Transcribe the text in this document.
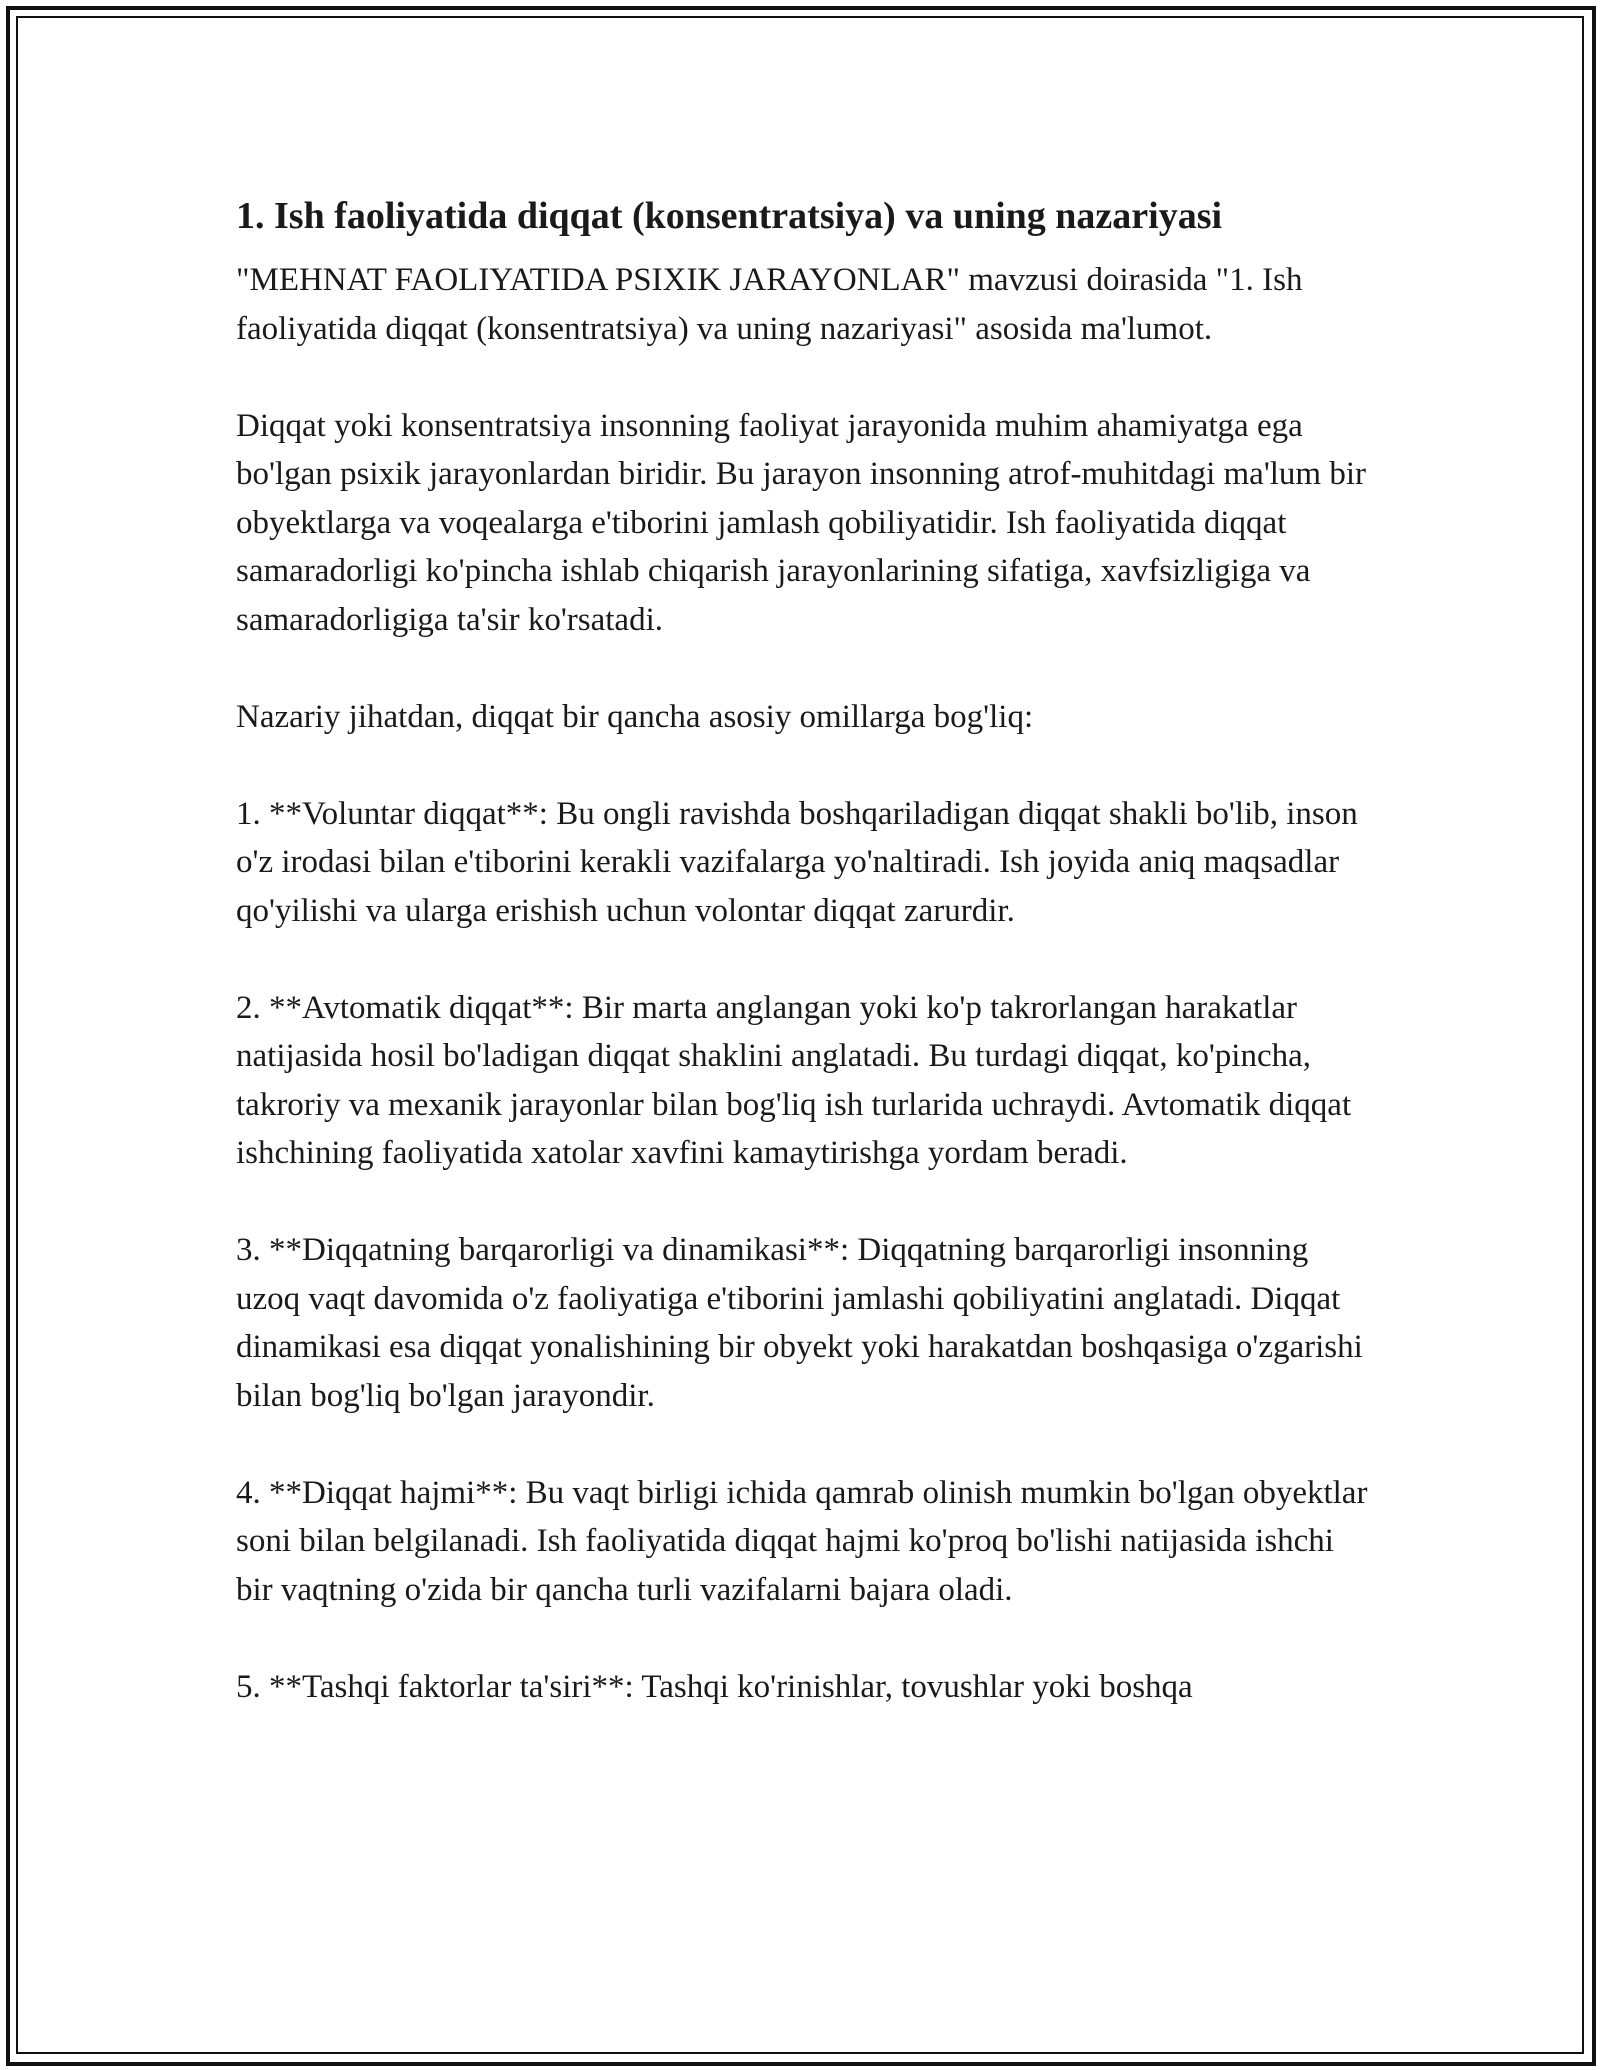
1. Ish faoliyatida diqqat (konsentratsiya) va uning nazariyasi

"MEHNAT FAOLIYATIDA PSIXIK JARAYONLAR" mavzusi doirasida "1. Ish faoliyatida diqqat (konsentratsiya) va uning nazariyasi" asosida ma'lumot.

Diqqat yoki konsentratsiya insonning faoliyat jarayonida muhim ahamiyatga ega bo'lgan psixik jarayonlardan biridir. Bu jarayon insonning atrof-muhitdagi ma'lum bir obyektlarga va voqealarga e'tiborini jamlash qobiliyatidir. Ish faoliyatida diqqat samaradorligi ko'pincha ishlab chiqarish jarayonlarining sifatiga, xavfsizligiga va samaradorligiga ta'sir ko'rsatadi.

Nazariy jihatdan, diqqat bir qancha asosiy omillarga bog'liq:

1. **Voluntar diqqat**: Bu ongli ravishda boshqariladigan diqqat shakli bo'lib, inson o'z irodasi bilan e'tiborini kerakli vazifalarga yo'naltiradi. Ish joyida aniq maqsadlar qo'yilishi va ularga erishish uchun volontar diqqat zarurdir.

2. **Avtomatik diqqat**: Bir marta anglangan yoki ko'p takrorlangan harakatlar natijasida hosil bo'ladigan diqqat shaklini anglatadi. Bu turdagi diqqat, ko'pincha, takroriy va mexanik jarayonlar bilan bog'liq ish turlarida uchraydi. Avtomatik diqqat ishchining faoliyatida xatolar xavfini kamaytirishga yordam beradi.

3. **Diqqatning barqarorligi va dinamikasi**: Diqqatning barqarorligi insonning uzoq vaqt davomida o'z faoliyatiga e'tiborini jamlashi qobiliyatini anglatadi. Diqqat dinamikasi esa diqqat yonalishining bir obyekt yoki harakatdan boshqasiga o'zgarishi bilan bog'liq bo'lgan jarayondir.

4. **Diqqat hajmi**: Bu vaqt birligi ichida qamrab olinish mumkin bo'lgan obyektlar soni bilan belgilanadi. Ish faoliyatida diqqat hajmi ko'proq bo'lishi natijasida ishchi bir vaqtning o'zida bir qancha turli vazifalarni bajara oladi.

5. **Tashqi faktorlar ta'siri**: Tashqi ko'rinishlar, tovushlar yoki boshqa
